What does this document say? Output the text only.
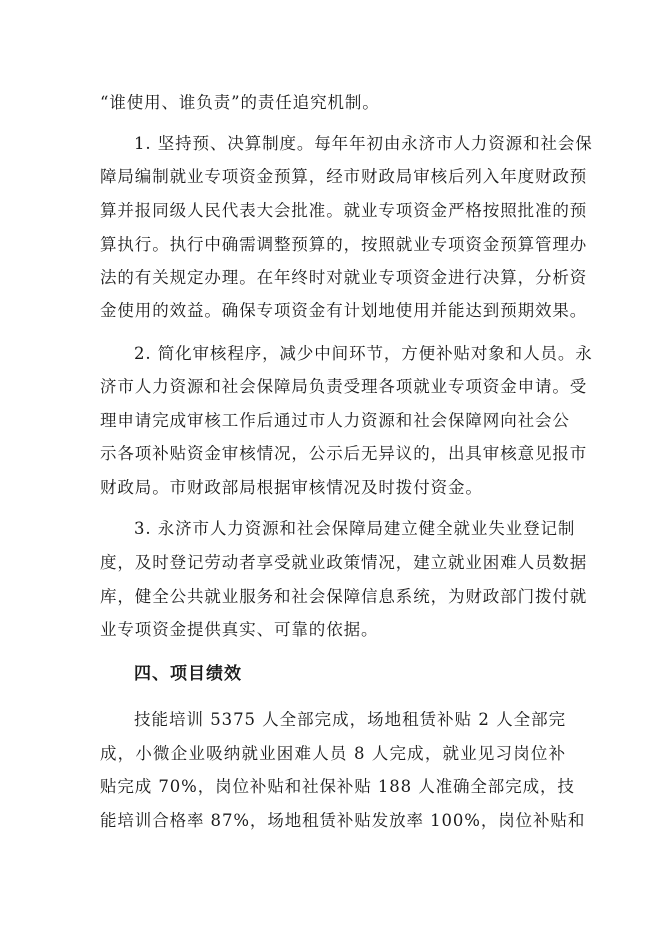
“谁使用、谁负责”的责任追究机制。
1. 坚持预、决算制度。每年年初由永济市人力资源和社会保
障局编制就业专项资金预算，经市财政局审核后列入年度财政预
算并报同级人民代表大会批准。就业专项资金严格按照批准的预
算执行。执行中确需调整预算的，按照就业专项资金预算管理办
法的有关规定办理。在年终时对就业专项资金进行决算，分析资
金使用的效益。确保专项资金有计划地使用并能达到预期效果。
2. 简化审核程序，减少中间环节，方便补贴对象和人员。永
济市人力资源和社会保障局负责受理各项就业专项资金申请。受
理申请完成审核工作后通过市人力资源和社会保障网向社会公
示各项补贴资金审核情况，公示后无异议的，出具审核意见报市
财政局。市财政部局根据审核情况及时拨付资金。
3. 永济市人力资源和社会保障局建立健全就业失业登记制
度，及时登记劳动者享受就业政策情况，建立就业困难人员数据
库，健全公共就业服务和社会保障信息系统，为财政部门拨付就
业专项资金提供真实、可靠的依据。
四、项目绩效
技能培训 5375 人全部完成，场地租赁补贴 2 人全部完
成，小微企业吸纳就业困难人员 8 人完成，就业见习岗位补
贴完成 70%，岗位补贴和社保补贴 188 人准确全部完成，技
能培训合格率 87%，场地租赁补贴发放率 100%，岗位补贴和
